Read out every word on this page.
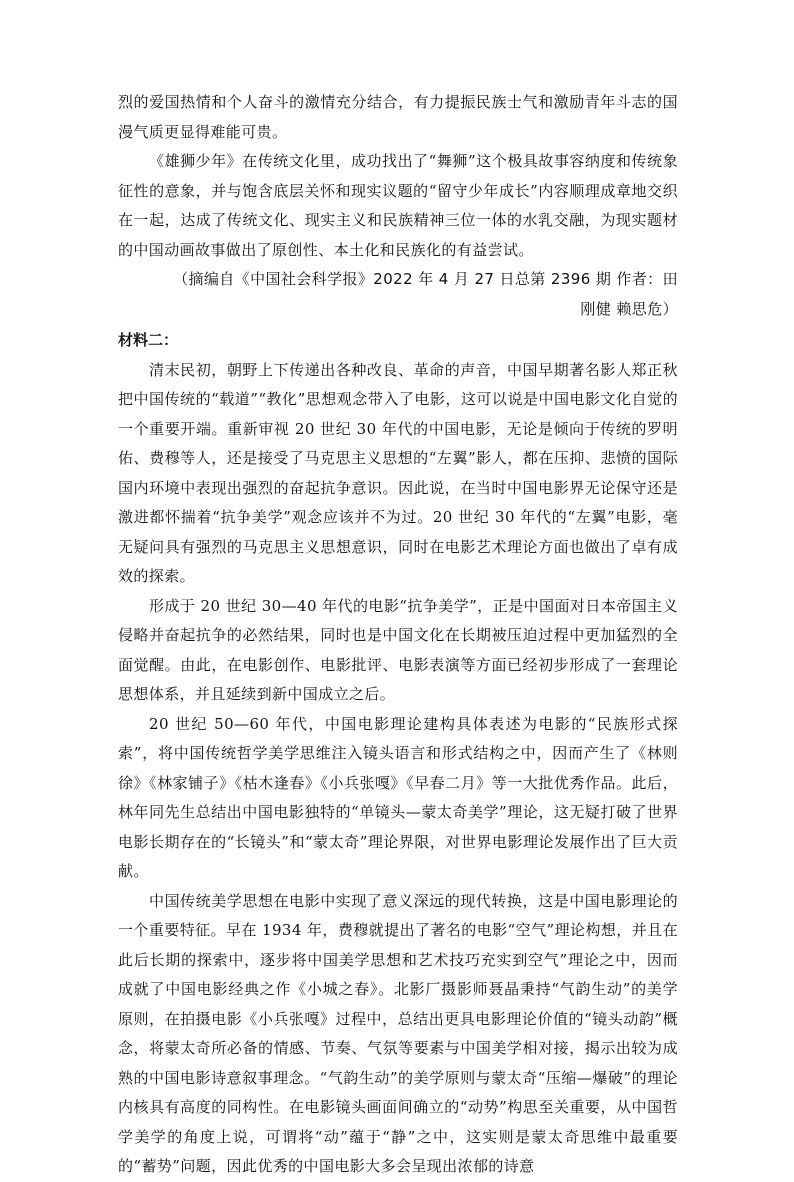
烈的爱国热情和个人奋斗的激情充分结合，有力提振民族士气和激励青年斗志的国漫气质更显得难能可贵。

《雄狮少年》在传统文化里，成功找出了“舞狮”这个极具故事容纳度和传统象征性的意象，并与饱含底层关怀和现实议题的“留守少年成长”内容顺理成章地交织在一起，达成了传统文化、现实主义和民族精神三位一体的水乳交融，为现实题材的中国动画故事做出了原创性、本土化和民族化的有益尝试。

（摘编自《中国社会科学报》2022 年 4 月 27 日总第 2396 期 作者：田刚健 赖思危）

材料二：

清末民初，朝野上下传递出各种改良、革命的声音，中国早期著名影人郑正秋把中国传统的“载道”“教化”思想观念带入了电影，这可以说是中国电影文化自觉的一个重要开端。重新审视 20 世纪 30 年代的中国电影，无论是倾向于传统的罗明佑、费穆等人，还是接受了马克思主义思想的“左翼”影人，都在压抑、悲愤的国际国内环境中表现出强烈的奋起抗争意识。因此说，在当时中国电影界无论保守还是激进都怀揣着“抗争美学”观念应该并不为过。20 世纪 30 年代的“左翼”电影，毫无疑问具有强烈的马克思主义思想意识，同时在电影艺术理论方面也做出了卓有成效的探索。

形成于 20 世纪 30—40 年代的电影“抗争美学”，正是中国面对日本帝国主义侵略并奋起抗争的必然结果，同时也是中国文化在长期被压迫过程中更加猛烈的全面觉醒。由此，在电影创作、电影批评、电影表演等方面已经初步形成了一套理论思想体系，并且延续到新中国成立之后。

20 世纪 50—60 年代，中国电影理论建构具体表述为电影的“民族形式探索”，将中国传统哲学美学思维注入镜头语言和形式结构之中，因而产生了《林则徐》《林家铺子》《枯木逢春》《小兵张嘎》《早春二月》等一大批优秀作品。此后，林年同先生总结出中国电影独特的“单镜头—蒙太奇美学”理论，这无疑打破了世界电影长期存在的“长镜头”和“蒙太奇”理论界限，对世界电影理论发展作出了巨大贡献。

中国传统美学思想在电影中实现了意义深远的现代转换，这是中国电影理论的一个重要特征。早在 1934 年，费穆就提出了著名的电影“空气”理论构想，并且在此后长期的探索中，逐步将中国美学思想和艺术技巧充实到空气”理论之中，因而成就了中国电影经典之作《小城之春》。北影厂摄影师聂晶秉持“气韵生动”的美学原则，在拍摄电影《小兵张嘎》过程中，总结出更具电影理论价值的“镜头动韵”概念，将蒙太奇所必备的情感、节奏、气氛等要素与中国美学相对接，揭示出较为成熟的中国电影诗意叙事理念。“气韵生动”的美学原则与蒙太奇“压缩—爆破”的理论内核具有高度的同构性。在电影镜头画面间确立的“动势”构思至关重要，从中国哲学美学的角度上说，可谓将“动”蕴于“静”之中，这实则是蒙太奇思维中最重要的“蓄势”问题，因此优秀的中国电影大多会呈现出浓郁的诗意
